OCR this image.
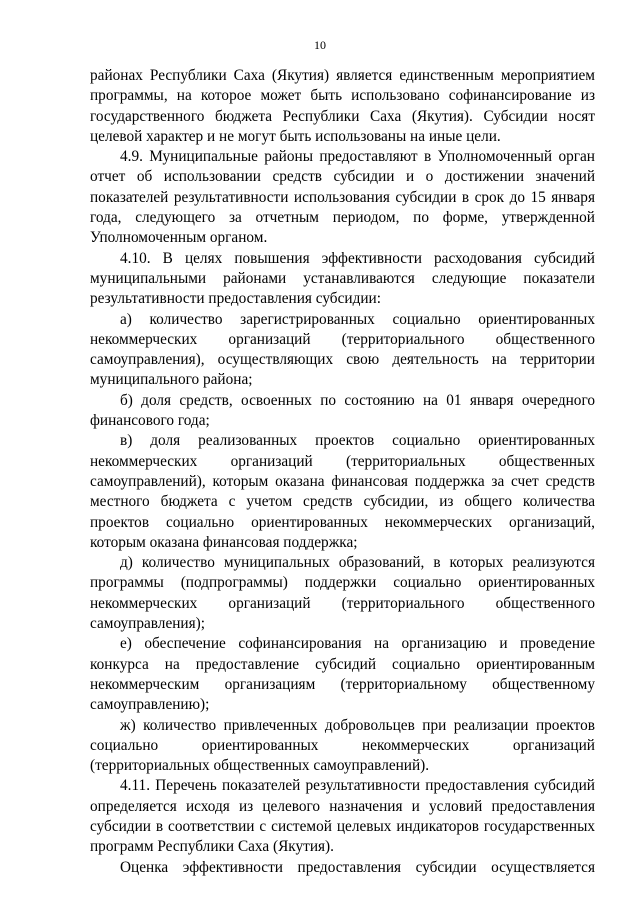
10

районах Республики Саха (Якутия) является единственным мероприятием программы, на которое может быть использовано софинансирование из государственного бюджета Республики Саха (Якутия). Субсидии носят целевой характер и не могут быть использованы на иные цели.

4.9. Муниципальные районы предоставляют в Уполномоченный орган отчет об использовании средств субсидии и о достижении значений показателей результативности использования субсидии в срок до 15 января года, следующего за отчетным периодом, по форме, утвержденной Уполномоченным органом.

4.10. В целях повышения эффективности расходования субсидий муниципальными районами устанавливаются следующие показатели результативности предоставления субсидии:

а) количество зарегистрированных социально ориентированных некоммерческих организаций (территориального общественного самоуправления), осуществляющих свою деятельность на территории муниципального района;

б) доля средств, освоенных по состоянию на 01 января очередного финансового года;

в) доля реализованных проектов социально ориентированных некоммерческих организаций (территориальных общественных самоуправлений), которым оказана финансовая поддержка за счет средств местного бюджета с учетом средств субсидии, из общего количества проектов социально ориентированных некоммерческих организаций, которым оказана финансовая поддержка;

д) количество муниципальных образований, в которых реализуются программы (подпрограммы) поддержки социально ориентированных некоммерческих организаций (территориального общественного самоуправления);

е) обеспечение софинансирования на организацию и проведение конкурса на предоставление субсидий социально ориентированным некоммерческим организациям (территориальному общественному самоуправлению);

ж) количество привлеченных добровольцев при реализации проектов социально ориентированных некоммерческих организаций (территориальных общественных самоуправлений).

4.11. Перечень показателей результативности предоставления субсидий определяется исходя из целевого назначения и условий предоставления субсидии в соответствии с системой целевых индикаторов государственных программ Республики Саха (Якутия).

Оценка эффективности предоставления субсидии осуществляется
